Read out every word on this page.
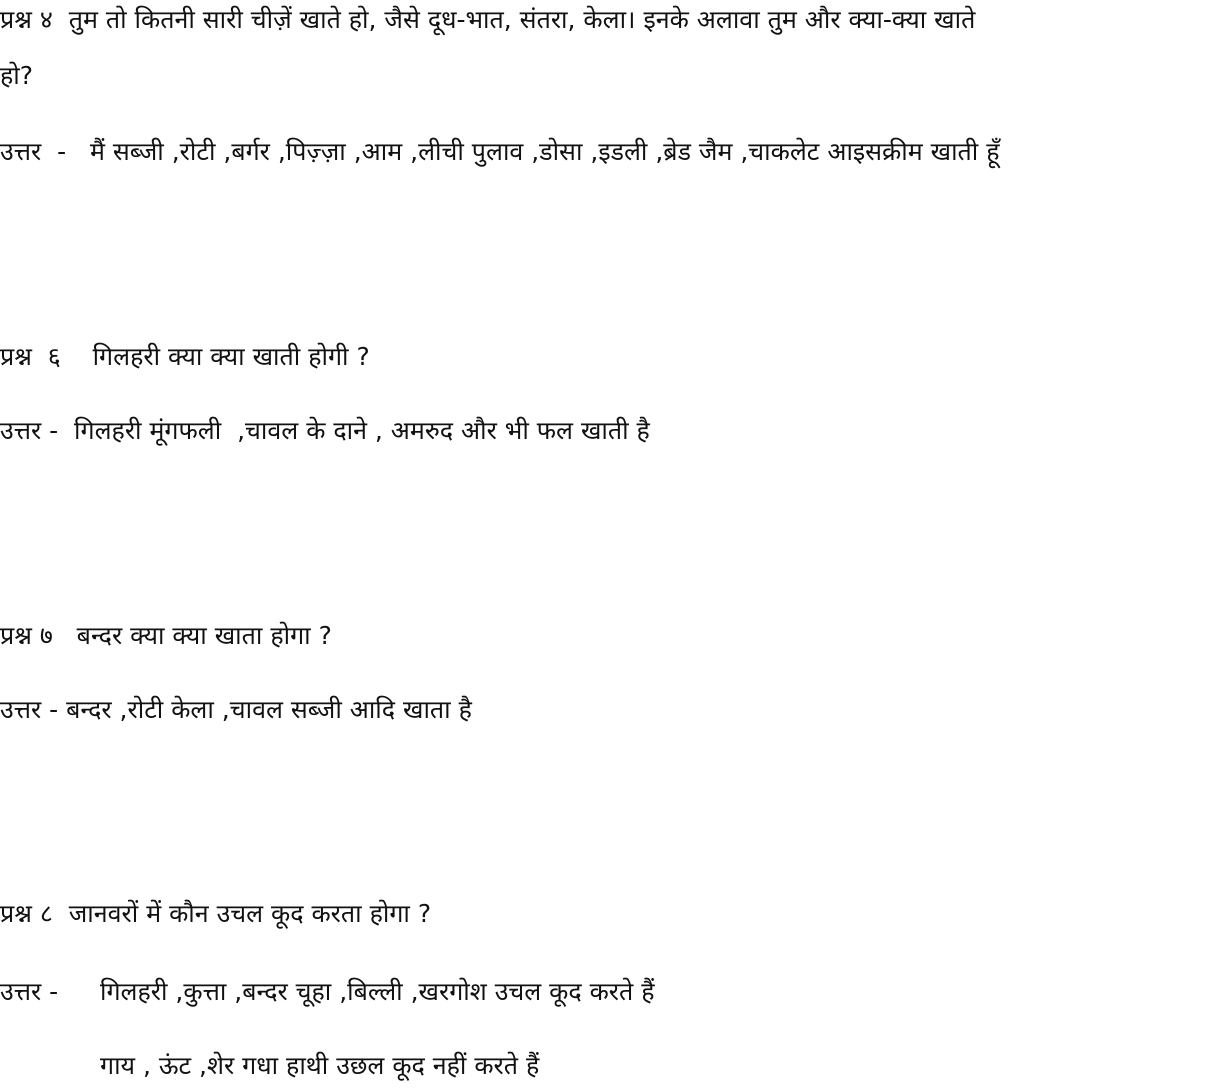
प्रश्न ४  तुम तो कितनी सारी चीज़ें खाते हो, जैसे दूध-भात, संतरा, केला। इनके अलावा तुम और क्या-क्या खाते

हो?

उत्तर  -   मैं सब्जी ,रोटी ,बर्गर ,पिज़्ज़ा ,आम ,लीची पुलाव ,डोसा ,इडली ,ब्रेड जैम ,चाकलेट आइसक्रीम खाती हूँ

प्रश्न  ६    गिलहरी क्या क्या खाती होगी ?

उत्तर -  गिलहरी मूंगफली  ,चावल के दाने , अमरुद और भी फल खाती है

प्रश्न ७   बन्दर क्या क्या खाता होगा ?

उत्तर - बन्दर ,रोटी केला ,चावल सब्जी आदि खाता है

प्रश्न ८  जानवरों में कौन उचल कूद करता होगा ?

उत्तर - गिलहरी ,कुत्ता ,बन्दर चूहा ,बिल्ली ,खरगोश उचल कूद करते हैं

गाय , ऊंट ,शेर गधा हाथी उछल कूद नहीं करते हैं
